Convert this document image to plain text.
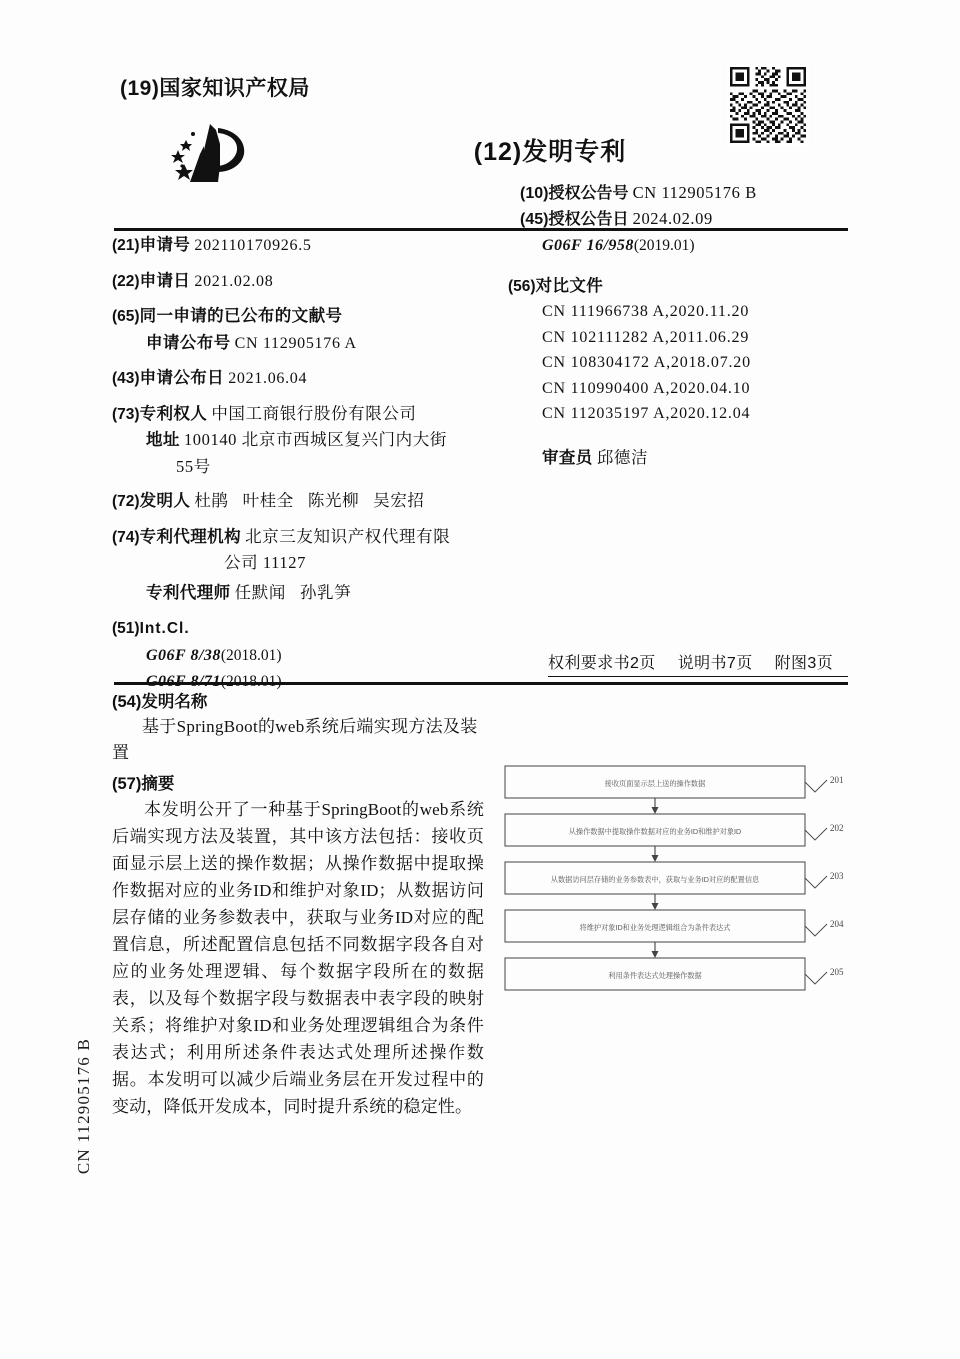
CN 112905176 B
(19)国家知识产权局
(12)发明专利
(10)授权公告号 CN 112905176 B
(45)授权公告日 2024.02.09
(21)申请号 202110170926.5
(22)申请日 2021.02.08
(65)同一申请的已公布的文献号
申请公布号 CN 112905176 A
(43)申请公布日 2021.06.04
(73)专利权人 中国工商银行股份有限公司
地址 100140 北京市西城区复兴门内大街
55号
(72)发明人 杜鹃 叶桂全 陈光柳 吴宏招
(74)专利代理机构 北京三友知识产权代理有限
公司 11127
专利代理师 任默闻 孙乳笋
(51)Int.Cl.
G06F 8/38(2018.01)
G06F 8/71(2018.01)
G06F 16/958(2019.01)
(56)对比文件
CN 111966738 A,2020.11.20
CN 102111282 A,2011.06.29
CN 108304172 A,2018.07.20
CN 110990400 A,2020.04.10
CN 112035197 A,2020.12.04
审查员 邱德洁
权利要求书2页 说明书7页 附图3页
(54)发明名称
基于SpringBoot的web系统后端实现方法及装置
(57)摘要
本发明公开了一种基于SpringBoot的web系统后端实现方法及装置，其中该方法包括：接收页面显示层上送的操作数据；从操作数据中提取操作数据对应的业务ID和维护对象ID；从数据访问层存储的业务参数表中，获取与业务ID对应的配置信息，所述配置信息包括不同数据字段各自对应的业务处理逻辑、每个数据字段所在的数据表，以及每个数据字段与数据表中表字段的映射关系；将维护对象ID和业务处理逻辑组合为条件表达式；利用所述条件表达式处理所述操作数据。本发明可以减少后端业务层在开发过程中的变动，降低开发成本，同时提升系统的稳定性。
接收页面显示层上送的操作数据
从操作数据中提取操作数据对应的业务ID和维护对象ID
从数据访问层存储的业务参数表中，获取与业务ID对应的配置信息
将维护对象ID和业务处理逻辑组合为条件表达式
利用条件表达式处理操作数据
201
202
203
204
205
